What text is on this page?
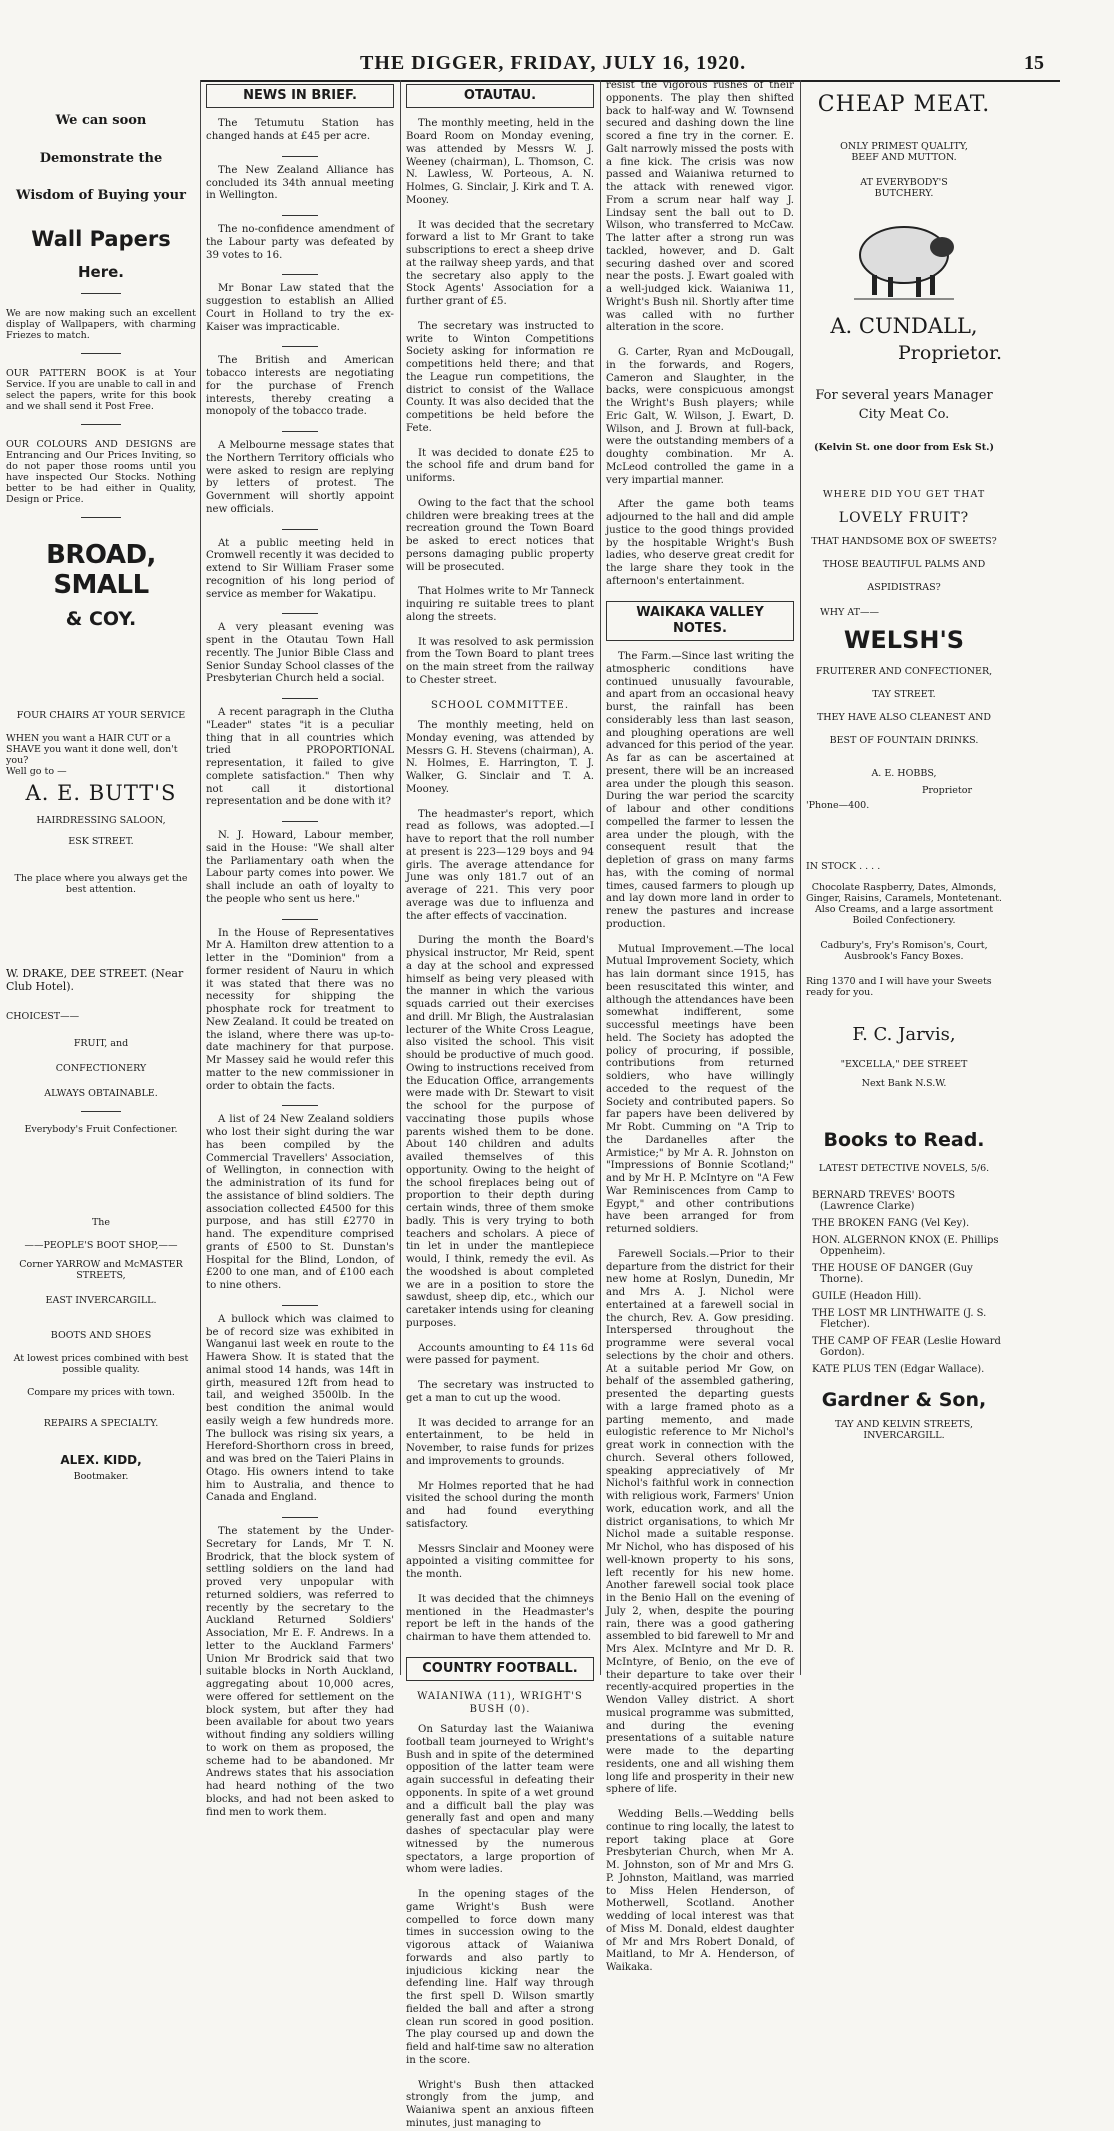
THE DIGGER, FRIDAY, JULY 16, 1920.	15
We can soon
Demonstrate the
Wisdom of Buying your
Wall Papers
Here.
We are now making such an excellent display of Wallpapers, with charming Friezes to match.
OUR PATTERN BOOK is at Your Service. If you are unable to call in and select the papers, write for this book and we shall send it Post Free.
OUR COLOURS AND DESIGNS are Entrancing and Our Prices Inviting, so do not paper those rooms until you have inspected Our Stocks. Nothing better to be had either in Quality, Design or Price.
BROAD, SMALL
& COY.
FOUR CHAIRS AT YOUR SERVICE
WHEN you want a HAIR CUT or a SHAVE you want it done well, don't you?
Well go to —
A. E. BUTT'S
HAIRDRESSING SALOON,
ESK STREET.
The place where you always get the best attention.
W. DRAKE, DEE STREET. (Near Club Hotel).
CHOICEST——
FRUIT, and
CONFECTIONERY
ALWAYS OBTAINABLE.
Everybody's Fruit Confectioner.
The
——PEOPLE'S BOOT SHOP,——
Corner YARROW and McMASTER STREETS,
EAST INVERCARGILL.
BOOTS AND SHOES
At lowest prices combined with best possible quality.
Compare my prices with town.
REPAIRS A SPECIALTY.
ALEX. KIDD,
Bootmaker.
NEWS IN BRIEF.

The Tetumutu Station has changed hands at £45 per acre.

The New Zealand Alliance has concluded its 34th annual meeting in Wellington.

The no-confidence amendment of the Labour party was defeated by 39 votes to 16.

Mr Bonar Law stated that the suggestion to establish an Allied Court in Holland to try the ex-Kaiser was impracticable.

The British and American tobacco interests are negotiating for the purchase of French interests, thereby creating a monopoly of the tobacco trade.

A Melbourne message states that the Northern Territory officials who were asked to resign are replying by letters of protest. The Government will shortly appoint new officials.

At a public meeting held in Cromwell recently it was decided to extend to Sir William Fraser some recognition of his long period of service as member for Wakatipu.

A very pleasant evening was spent in the Otautau Town Hall recently. The Junior Bible Class and Senior Sunday School classes of the Presbyterian Church held a social.

A recent paragraph in the Clutha "Leader" states "it is a peculiar thing that in all countries which tried PROPORTIONAL representation, it failed to give complete satisfaction." Then why not call it distortional representation and be done with it?

N. J. Howard, Labour member, said in the House: "We shall alter the Parliamentary oath when the Labour party comes into power. We shall include an oath of loyalty to the people who sent us here."

In the House of Representatives Mr A. Hamilton drew attention to a letter in the "Dominion" from a former resident of Nauru in which it was stated that there was no necessity for shipping the phosphate rock for treatment to New Zealand. It could be treated on the island, where there was up-to-date machinery for that purpose. Mr Massey said he would refer this matter to the new commissioner in order to obtain the facts.

A list of 24 New Zealand soldiers who lost their sight during the war has been compiled by the Commercial Travellers' Association, of Wellington, in connection with the administration of its fund for the assistance of blind soldiers. The association collected £4500 for this purpose, and has still £2770 in hand. The expenditure comprised grants of £500 to St. Dunstan's Hospital for the Blind, London, of £200 to one man, and of £100 each to nine others.

A bullock which was claimed to be of record size was exhibited in Wanganui last week en route to the Hawera Show. It is stated that the animal stood 14 hands, was 14ft in girth, measured 12ft from head to tail, and weighed 3500lb. In the best condition the animal would easily weigh a few hundreds more. The bullock was rising six years, a Hereford-Shorthorn cross in breed, and was bred on the Taieri Plains in Otago. His owners intend to take him to Australia, and thence to Canada and England.

The statement by the Under-Secretary for Lands, Mr T. N. Brodrick, that the block system of settling soldiers on the land had proved very unpopular with returned soldiers, was referred to recently by the secretary to the Auckland Returned Soldiers' Association, Mr E. F. Andrews. In a letter to the Auckland Farmers' Union Mr Brodrick said that two suitable blocks in North Auckland, aggregating about 10,000 acres, were offered for settlement on the block system, but after they had been available for about two years without finding any soldiers willing to work on them as proposed, the scheme had to be abandoned. Mr Andrews states that his association had heard nothing of the two blocks, and had not been asked to find men to work them.

OTAUTAU.

The monthly meeting, held in the Board Room on Monday evening, was attended by Messrs W. J. Weeney (chairman), L. Thomson, C. N. Lawless, W. Porteous, A. N. Holmes, G. Sinclair, J. Kirk and T. A. Mooney.

It was decided that the secretary forward a list to Mr Grant to take subscriptions to erect a sheep drive at the railway sheep yards, and that the secretary also apply to the Stock Agents' Association for a further grant of £5.

The secretary was instructed to write to Winton Competitions Society asking for information re competitions held there; and that the League run competitions, the district to consist of the Wallace County. It was also decided that the competitions be held before the Fete.

It was decided to donate £25 to the school fife and drum band for uniforms.

Owing to the fact that the school children were breaking trees at the recreation ground the Town Board be asked to erect notices that persons damaging public property will be prosecuted.

That Holmes write to Mr Tanneck inquiring re suitable trees to plant along the streets.

It was resolved to ask permission from the Town Board to plant trees on the main street from the railway to Chester street.

SCHOOL COMMITTEE.

The monthly meeting, held on Monday evening, was attended by Messrs G. H. Stevens (chairman), A. N. Holmes, E. Harrington, T. J. Walker, G. Sinclair and T. A. Mooney.

The headmaster's report, which read as follows, was adopted.—I have to report that the roll number at present is 223—129 boys and 94 girls. The average attendance for June was only 181.7 out of an average of 221. This very poor average was due to influenza and the after effects of vaccination.

During the month the Board's physical instructor, Mr Reid, spent a day at the school and expressed himself as being very pleased with the manner in which the various squads carried out their exercises and drill. Mr Bligh, the Australasian lecturer of the White Cross League, also visited the school. This visit should be productive of much good. Owing to instructions received from the Education Office, arrangements were made with Dr. Stewart to visit the school for the purpose of vaccinating those pupils whose parents wished them to be done. About 140 children and adults availed themselves of this opportunity. Owing to the height of the school fireplaces being out of proportion to their depth during certain winds, three of them smoke badly. This is very trying to both teachers and scholars. A piece of tin let in under the mantlepiece would, I think, remedy the evil. As the woodshed is about completed we are in a position to store the sawdust, sheep dip, etc., which our caretaker intends using for cleaning purposes.

Accounts amounting to £4 11s 6d were passed for payment.

The secretary was instructed to get a man to cut up the wood.

It was decided to arrange for an entertainment, to be held in November, to raise funds for prizes and improvements to grounds.

Mr Holmes reported that he had visited the school during the month and had found everything satisfactory.

Messrs Sinclair and Mooney were appointed a visiting committee for the month.

It was decided that the chimneys mentioned in the Headmaster's report be left in the hands of the chairman to have them attended to.

COUNTRY FOOTBALL.
WAIANIWA (11), WRIGHT'S BUSH (0).

On Saturday last the Waianiwa football team journeyed to Wright's Bush and in spite of the determined opposition of the latter team were again successful in defeating their opponents. In spite of a wet ground and a difficult ball the play was generally fast and open and many dashes of spectacular play were witnessed by the numerous spectators, a large proportion of whom were ladies.

In the opening stages of the game Wright's Bush were compelled to force down many times in succession owing to the vigorous attack of Waianiwa forwards and also partly to injudicious kicking near the defending line. Half way through the first spell D. Wilson smartly fielded the ball and after a strong clean run scored in good position. The play coursed up and down the field and half-time saw no alteration in the score.

Wright's Bush then attacked strongly from the jump, and Waianiwa spent an anxious fifteen minutes, just managing to

resist the vigorous rushes of their opponents. The play then shifted back to half-way and W. Townsend secured and dashing down the line scored a fine try in the corner. E. Galt narrowly missed the posts with a fine kick. The crisis was now passed and Waianiwa returned to the attack with renewed vigor. From a scrum near half way J. Lindsay sent the ball out to D. Wilson, who transferred to McCaw. The latter after a strong run was tackled, however, and D. Galt securing dashed over and scored near the posts. J. Ewart goaled with a well-judged kick. Waianiwa 11, Wright's Bush nil. Shortly after time was called with no further alteration in the score.

G. Carter, Ryan and McDougall, in the forwards, and Rogers, Cameron and Slaughter, in the backs, were conspicuous amongst the Wright's Bush players; while Eric Galt, W. Wilson, J. Ewart, D. Wilson, and J. Brown at full-back, were the outstanding members of a doughty combination. Mr A. McLeod controlled the game in a very impartial manner.

After the game both teams adjourned to the hall and did ample justice to the good things provided by the hospitable Wright's Bush ladies, who deserve great credit for the large share they took in the afternoon's entertainment.

WAIKAKA VALLEY NOTES.

The Farm.—Since last writing the atmospheric conditions have continued unusually favourable, and apart from an occasional heavy burst, the rainfall has been considerably less than last season, and ploughing operations are well advanced for this period of the year. As far as can be ascertained at present, there will be an increased area under the plough this season. During the war period the scarcity of labour and other conditions compelled the farmer to lessen the area under the plough, with the consequent result that the depletion of grass on many farms has, with the coming of normal times, caused farmers to plough up and lay down more land in order to renew the pastures and increase production.

Mutual Improvement.—The local Mutual Improvement Society, which has lain dormant since 1915, has been resuscitated this winter, and although the attendances have been somewhat indifferent, some successful meetings have been held. The Society has adopted the policy of procuring, if possible, contributions from returned soldiers, who have willingly acceded to the request of the Society and contributed papers. So far papers have been delivered by Mr Robt. Cumming on "A Trip to the Dardanelles after the Armistice;" by Mr A. R. Johnston on "Impressions of Bonnie Scotland;" and by Mr H. P. McIntyre on "A Few War Reminiscences from Camp to Egypt," and other contributions have been arranged for from returned soldiers.

Farewell Socials.—Prior to their departure from the district for their new home at Roslyn, Dunedin, Mr and Mrs A. J. Nichol were entertained at a farewell social in the church, Rev. A. Gow presiding. Interspersed throughout the programme were several vocal selections by the choir and others. At a suitable period Mr Gow, on behalf of the assembled gathering, presented the departing guests with a large framed photo as a parting memento, and made eulogistic reference to Mr Nichol's great work in connection with the church. Several others followed, speaking appreciatively of Mr Nichol's faithful work in connection with religious work, Farmers' Union work, education work, and all the district organisations, to which Mr Nichol made a suitable response. Mr Nichol, who has disposed of his well-known property to his sons, left recently for his new home. Another farewell social took place in the Benio Hall on the evening of July 2, when, despite the pouring rain, there was a good gathering assembled to bid farewell to Mr and Mrs Alex. McIntyre and Mr D. R. McIntyre, of Benio, on the eve of their departure to take over their recently-acquired properties in the Wendon Valley district. A short musical programme was submitted, and during the evening presentations of a suitable nature were made to the departing residents, one and all wishing them long life and prosperity in their new sphere of life.

Wedding Bells.—Wedding bells continue to ring locally, the latest to report taking place at Gore Presbyterian Church, when Mr A. M. Johnston, son of Mr and Mrs G. P. Johnston, Maitland, was married to Miss Helen Henderson, of Motherwell, Scotland. Another wedding of local interest was that of Miss M. Donald, eldest daughter of Mr and Mrs Robert Donald, of Maitland, to Mr A. Henderson, of Waikaka.

CHEAP MEAT.
ONLY PRIMEST QUALITY,
BEEF AND MUTTON.
AT EVERYBODY'S
BUTCHERY.
A. CUNDALL,
Proprietor.
For several years Manager
City Meat Co.
(Kelvin St. one door from Esk St.)
WHERE DID YOU GET THAT
LOVELY FRUIT?
THAT HANDSOME BOX OF SWEETS?
THOSE BEAUTIFUL PALMS AND
ASPIDISTRAS?
WHY AT——
WELSH'S
FRUITERER AND CONFECTIONER,
TAY STREET.
THEY HAVE ALSO CLEANEST AND
BEST OF FOUNTAIN DRINKS.
A. E. HOBBS,
Proprietor
'Phone—400.
IN STOCK . . . .
Chocolate Raspberry, Dates, Almonds, Ginger, Raisins, Caramels, Montetenant. Also Creams, and a large assortment Boiled Confectionery.
Cadbury's, Fry's Romison's, Court, Ausbrook's Fancy Boxes.
Ring 1370 and I will have your Sweets ready for you.
F. C. Jarvis,
"EXCELLA," DEE STREET
Next Bank N.S.W.
Books to Read.
LATEST DETECTIVE NOVELS, 5/6.

BERNARD TREVES' BOOTS (Lawrence Clarke)

THE BROKEN FANG (Vel Key).

HON. ALGERNON KNOX (E. Phillips Oppenheim).

THE HOUSE OF DANGER (Guy Thorne).

GUILE (Headon Hill).

THE LOST MR LINTHWAITE (J. S. Fletcher).

THE CAMP OF FEAR (Leslie Howard Gordon).

KATE PLUS TEN (Edgar Wallace).

Gardner & Son,
TAY AND KELVIN STREETS,
INVERCARGILL.
